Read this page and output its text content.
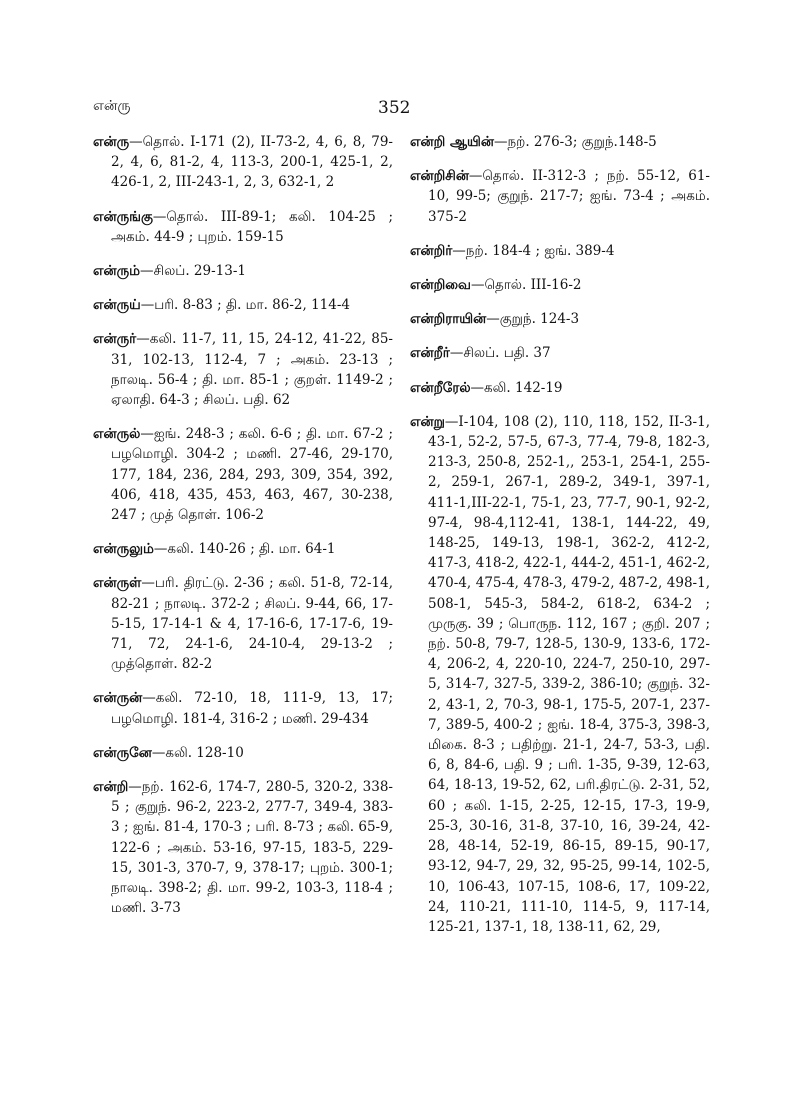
என்ரு	352

என்ரு—தொல். I-171 (2), II-73-2, 4, 6, 8, 79-2, 4, 6, 81-2, 4, 113-3, 200-1, 425-1, 2, 426-1, 2, III-243-1, 2, 3, 632-1, 2

என்ருங்கு—தொல். III-89-1; கலி. 104-25 ; அகம். 44-9 ; புறம். 159-15

என்ரும்—சிலப். 29-13-1

என்ருய்—பரி. 8-83 ; தி. மா. 86-2, 114-4

என்ருர்—கலி. 11-7, 11, 15, 24-12, 41-22, 85-31, 102-13, 112-4, 7 ; அகம். 23-13 ; நாலடி. 56-4 ; தி. மா. 85-1 ; குறள். 1149-2 ; ஏலாதி. 64-3 ; சிலப். பதி. 62

என்ருல்—ஐங். 248-3 ; கலி. 6-6 ; தி. மா. 67-2 ; பழமொழி. 304-2 ; மணி. 27-46, 29-170, 177, 184, 236, 284, 293, 309, 354, 392, 406, 418, 435, 453, 463, 467, 30-238, 247 ; முத் தொள். 106-2

என்ருலும்—கலி. 140-26 ; தி. மா. 64-1

என்ருள்—பரி. திரட்டு. 2-36 ; கலி. 51-8, 72-14, 82-21 ; நாலடி. 372-2 ; சிலப். 9-44, 66, 17-5-15, 17-14-1 & 4, 17-16-6, 17-17-6, 19-71, 72, 24-1-6, 24-10-4, 29-13-2 ; முத்தொள். 82-2

என்ருன்—கலி. 72-10, 18, 111-9, 13, 17; பழமொழி. 181-4, 316-2 ; மணி. 29-434

என்ருனே—கலி. 128-10

என்றி—நற். 162-6, 174-7, 280-5, 320-2, 338-5 ; குறுந். 96-2, 223-2, 277-7, 349-4, 383-3 ; ஐங். 81-4, 170-3 ; பரி. 8-73 ; கலி. 65-9, 122-6 ; அகம். 53-16, 97-15, 183-5, 229-15, 301-3, 370-7, 9, 378-17; புறம். 300-1; நாலடி. 398-2; தி. மா. 99-2, 103-3, 118-4 ; மணி. 3-73

என்றி ஆயின்—நற். 276-3; குறுந்.148-5

என்றிசின்—தொல். II-312-3 ; நற். 55-12, 61-10, 99-5; குறுந். 217-7; ஐங். 73-4 ; அகம். 375-2

என்றிர்—நற். 184-4 ; ஐங். 389-4

என்றிவை—தொல். III-16-2

என்றிராயின்—குறுந். 124-3

என்றீர்—சிலப். பதி. 37

என்றீரேல்—கலி. 142-19

என்று—I-104, 108 (2), 110, 118, 152, II-3-1, 43-1, 52-2, 57-5, 67-3, 77-4, 79-8, 182-3, 213-3, 250-8, 252-1,, 253-1, 254-1, 255-2, 259-1, 267-1, 289-2, 349-1, 397-1, 411-1,III-22-1, 75-1, 23, 77-7, 90-1, 92-2, 97-4, 98-4,112-41, 138-1, 144-22, 49, 148-25, 149-13, 198-1, 362-2, 412-2, 417-3, 418-2, 422-1, 444-2, 451-1, 462-2, 470-4, 475-4, 478-3, 479-2, 487-2, 498-1, 508-1, 545-3, 584-2, 618-2, 634-2 ; முருகு. 39 ; பொருந. 112, 167 ; குறி. 207 ; நற். 50-8, 79-7, 128-5, 130-9, 133-6, 172-4, 206-2, 4, 220-10, 224-7, 250-10, 297-5, 314-7, 327-5, 339-2, 386-10; குறுந். 32-2, 43-1, 2, 70-3, 98-1, 175-5, 207-1, 237-7, 389-5, 400-2 ; ஐங். 18-4, 375-3, 398-3, மிகை. 8-3 ; பதிற்று. 21-1, 24-7, 53-3, பதி. 6, 8, 84-6, பதி. 9 ; பரி. 1-35, 9-39, 12-63, 64, 18-13, 19-52, 62, பரி.திரட்டு. 2-31, 52, 60 ; கலி. 1-15, 2-25, 12-15, 17-3, 19-9, 25-3, 30-16, 31-8, 37-10, 16, 39-24, 42-28, 48-14, 52-19, 86-15, 89-15, 90-17, 93-12, 94-7, 29, 32, 95-25, 99-14, 102-5, 10, 106-43, 107-15, 108-6, 17, 109-22, 24, 110-21, 111-10, 114-5, 9, 117-14, 125-21, 137-1, 18, 138-11, 62, 29,
